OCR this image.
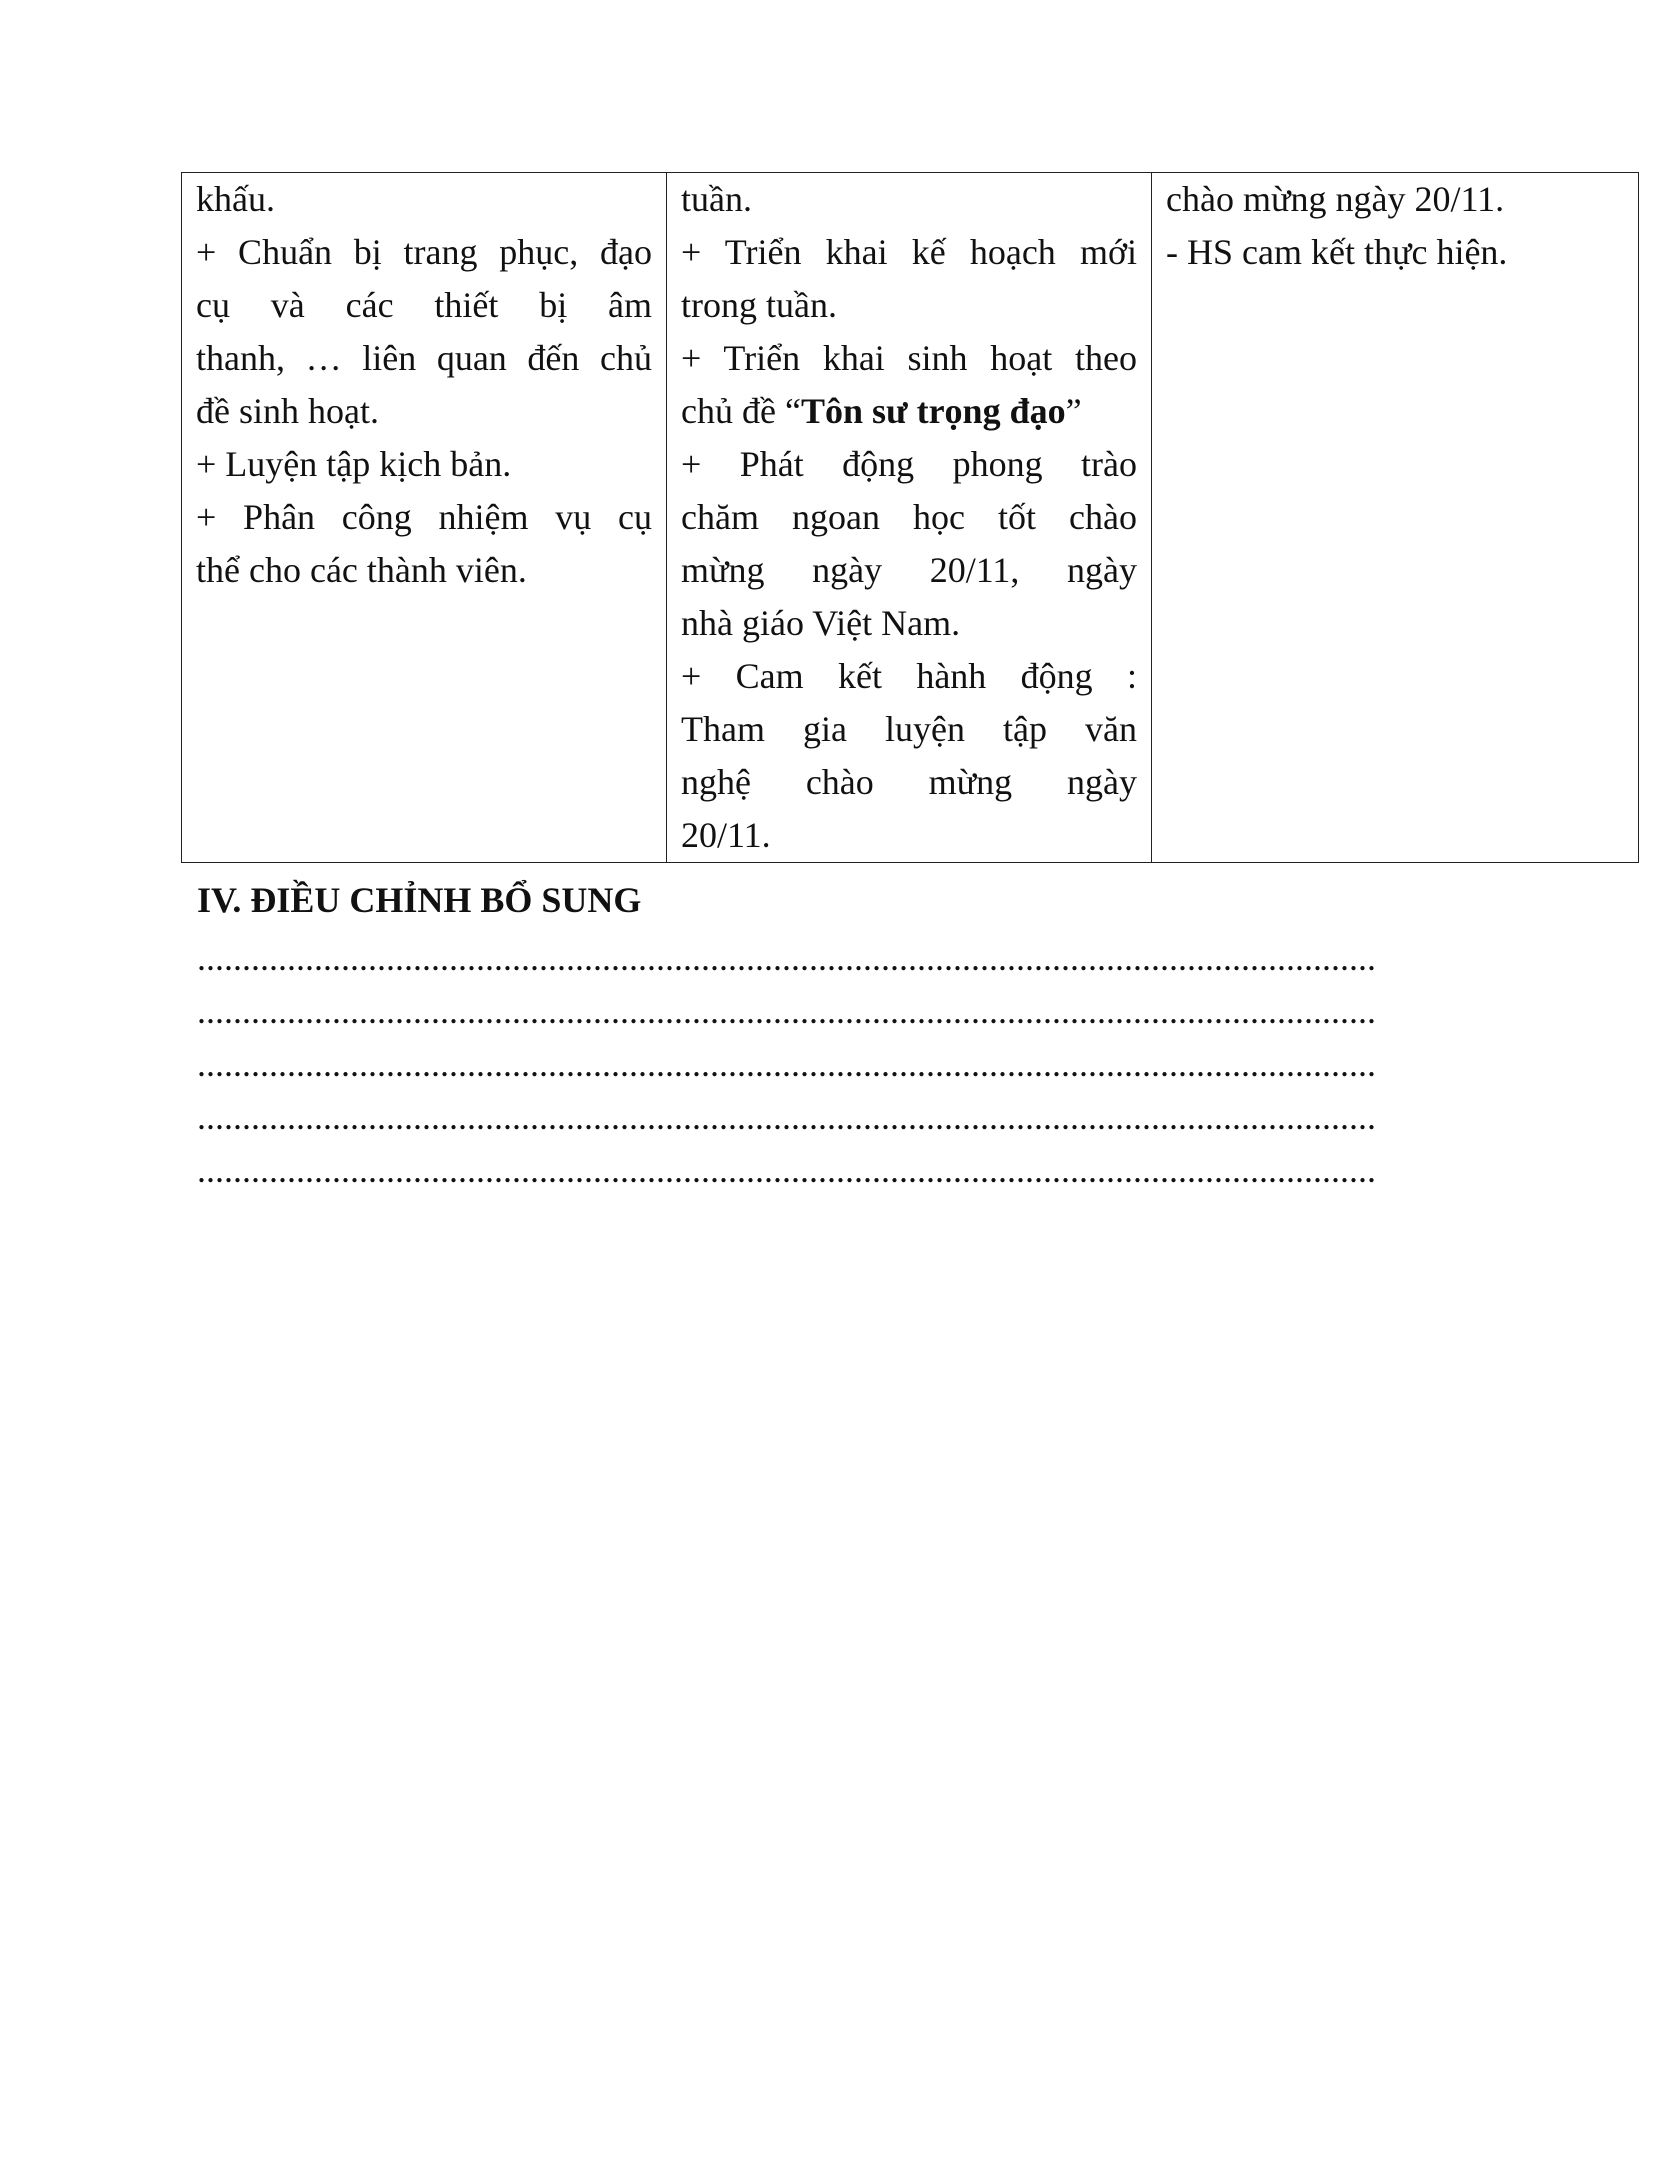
khấu.
+ Chuẩn bị trang phục, đạo
cụ và các thiết bị âm
thanh, … liên quan đến chủ
đề sinh hoạt.
+ Luyện tập kịch bản.
+ Phân công nhiệm vụ cụ
thể cho các thành viên.

tuần.
+ Triển khai kế hoạch mới
trong tuần.
+ Triển khai sinh hoạt theo
chủ đề “Tôn sư trọng đạo”
+ Phát động phong trào
chăm ngoan học tốt chào
mừng ngày 20/11, ngày
nhà giáo Việt Nam.
+ Cam kết hành động :
Tham gia luyện tập văn
nghệ chào mừng ngày
20/11.

chào mừng ngày 20/11.
- HS cam kết thực hiện.
IV. ĐIỀU CHỈNH BỔ SUNG
...................................................................................................................................
...................................................................................................................................
...................................................................................................................................
...................................................................................................................................
...................................................................................................................................
